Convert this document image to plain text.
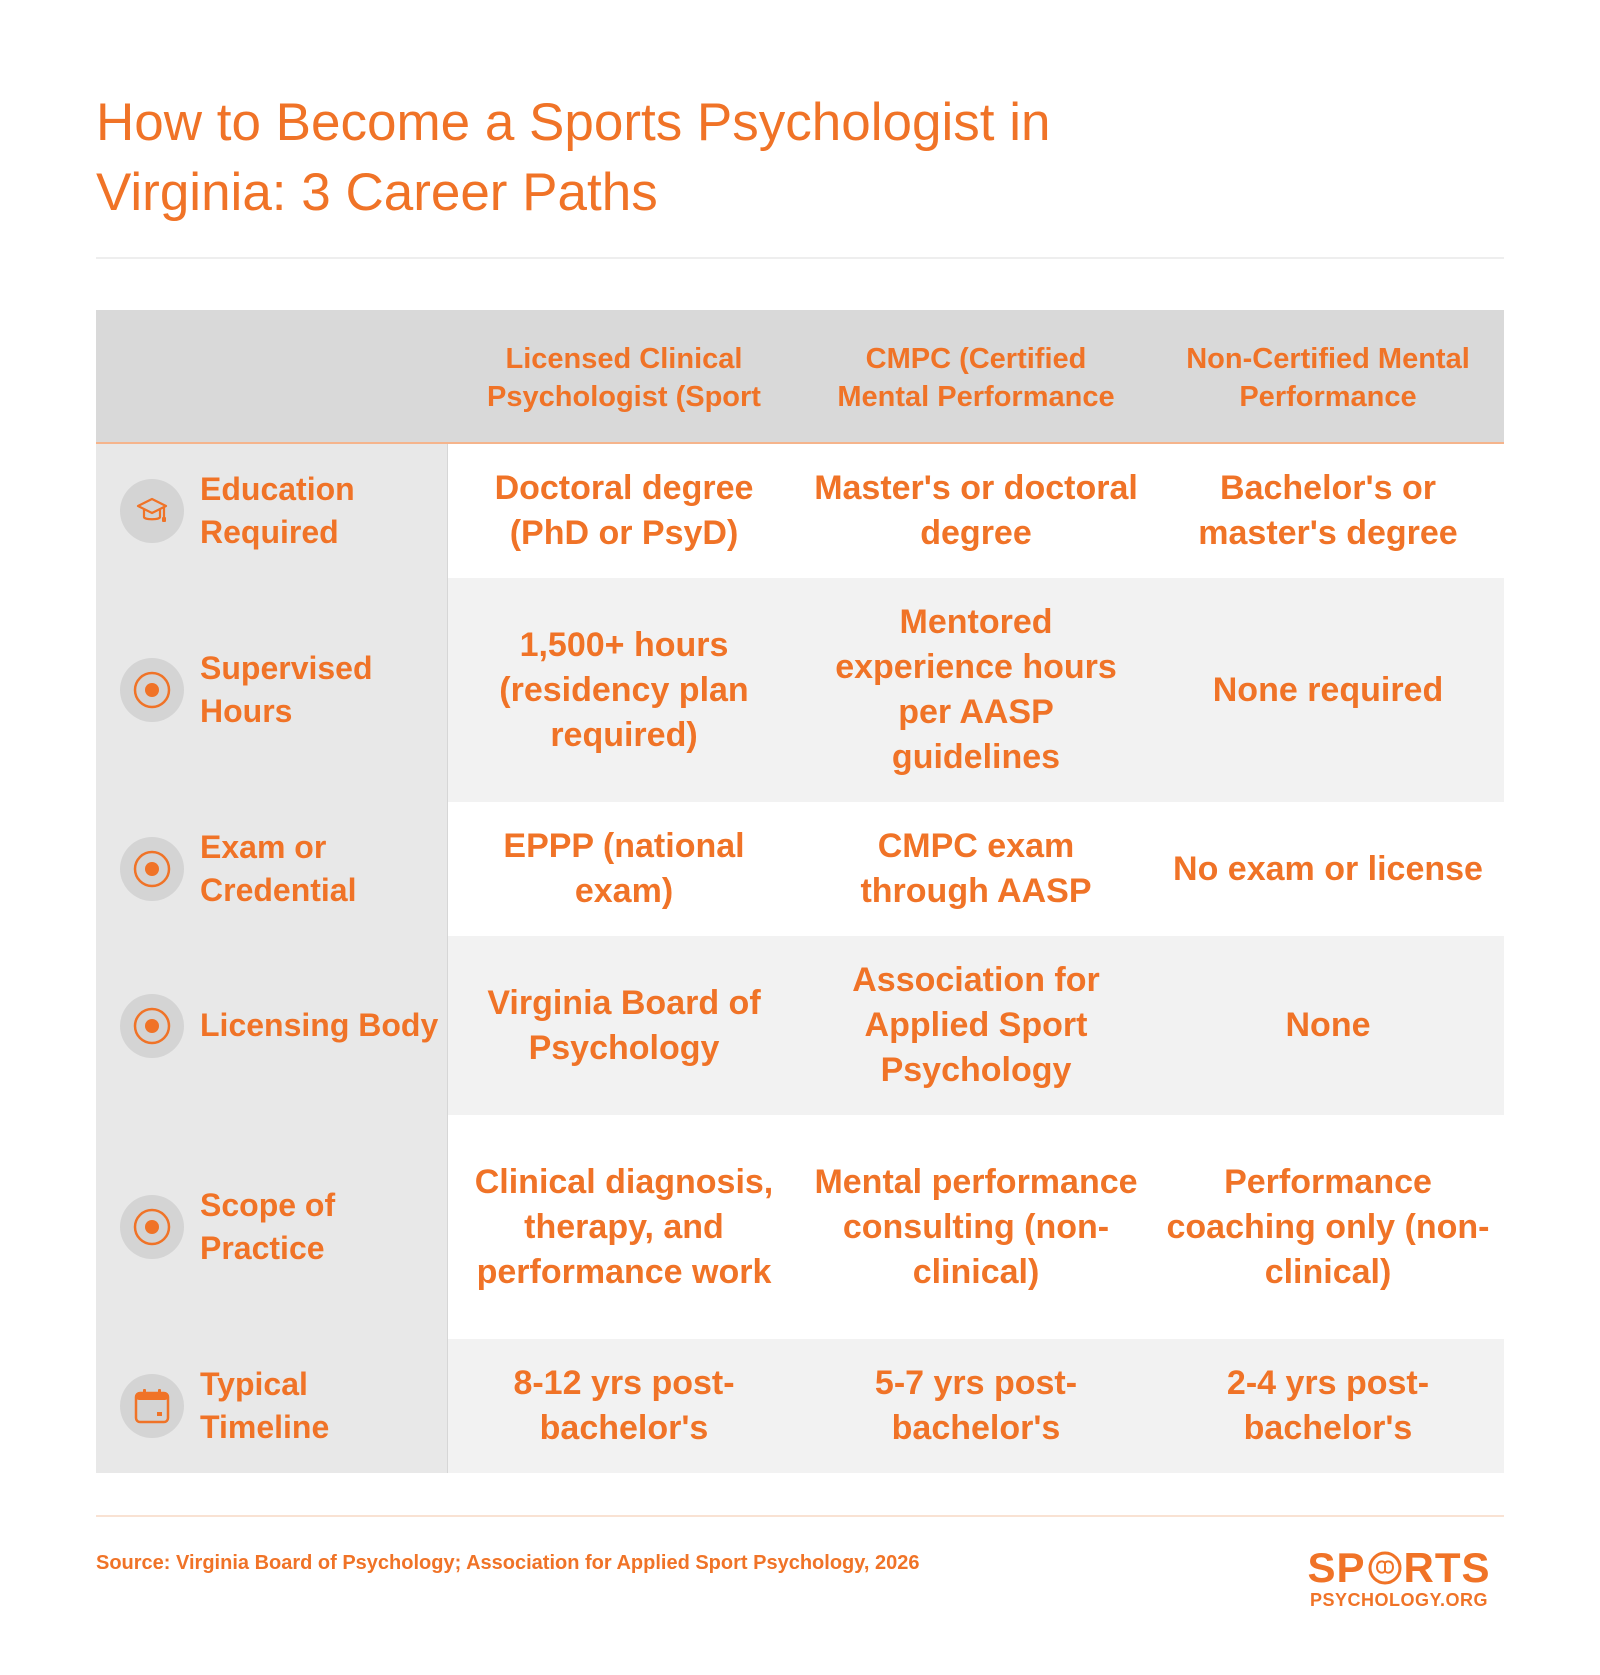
How to Become a Sports Psychologist in
Virginia: 3 Career Paths
Licensed Clinical Psychologist (Sport
CMPC (Certified Mental Performance
Non-Certified Mental Performance
Education Required
Doctoral degree (PhD or PsyD)
Master's or doctoral degree
Bachelor's or master's degree
Supervised Hours
1,500+ hours (residency plan required)
Mentored experience hours per AASP guidelines
None required
Exam or Credential
EPPP (national exam)
CMPC exam through AASP
No exam or license
Licensing Body
Virginia Board of Psychology
Association for Applied Sport Psychology
None
Scope of Practice
Clinical diagnosis, therapy, and performance work
Mental performance consulting (non-clinical)
Performance coaching only (non-clinical)
Typical Timeline
8-12 yrs post-bachelor's
5-7 yrs post-bachelor's
2-4 yrs post-bachelor's
Source: Virginia Board of Psychology; Association for Applied Sport Psychology, 2026	SP RTS
PSYCHOLOGY.ORG
